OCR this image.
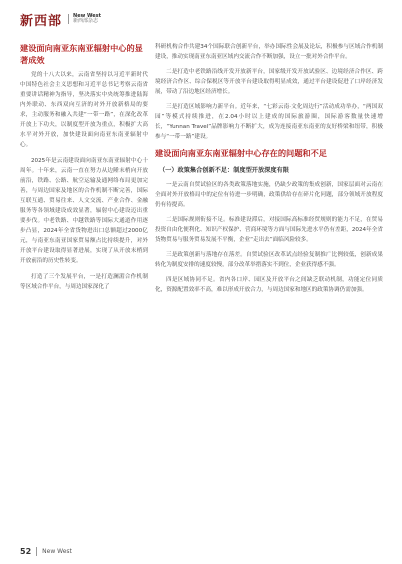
新西部 New West
新西部杂志
建设面向南亚东南亚辐射中心的显著成效

党的十八大以来，云南省坚持以习近平新时代中国特色社会主义思想和习近平总书记考察云南省重要讲话精神为指导，坚决落实中央统筹推进陆海内外联动、东西双向互济的对外开放新格局的要求，主动服务和融入共建“一带一路”，在深化改革开放上下功夫，以制度型开放为重点，积极扩大高水平对外开放，加快建设面向南亚东南亚辐射中心。

2025年是云南建设面向南亚东南亚辐射中心十周年。十年来，云南一直在努力从边陲末梢向开放前沿，铁路、公路、航空运输及通网络布局更加完善，与周边国家及地区的合作机制不断完善，国际互联互通、贸易往来、人文交流、产业合作、金融服务等各领域建设成效显著，辐射中心建设迈出重要步伐。中老铁路、中越铁路等国际大通道作用逐步凸显，2024年全省货物进出口总额超过2000亿元，与南亚东南亚国家贸易额占比持续提升，对外开放平台建设取得显著进展，实现了从开放末梢到开放前沿的历史性转变。

打造了三个发展平台，一是打造澜湄合作机制等区域合作平台，与周边国家深化了

科研机构合作共建34个国际联合创新平台，举办国际性会展及论坛，积极参与区域合作机制建设，推动实现南亚东南亚区域内交流合作不断加强，设立一批对外合作平台。

二是打造中老铁路沿线开发开放新平台，国家级开发开放试验区、边境经济合作区、跨境经济合作区、综合保税区等开放平台建设取得明显成效，通过平台建设促进了口岸经济发展，带动了沿边地区经济增长。

三是打造区域影响力新平台。近年来，“七彩云南·文化周边行”活动成功举办，“两国双园”等模式持续推进，在2.04小时以上建成的国际旅游圈，国际游客数量快速增长，“Yunnan Travel”品牌影响力不断扩大，成为连接南亚东南亚的友好桥梁和纽带，积极参与“一带一路”建设。

建设面向南亚东南亚辐射中心存在的问题和不足
（一）政策集合创新不足：制度型开放深度有限

一是云南自贸试验区的各类政策落地实施，仍缺少政策的集成创新，国家层面对云南在全面对外开放格局中的定位有待进一步明确，政策供给存在碎片化问题，部分领域开放程度仍有待提高。

二是国际规则衔接不足。标准建设滞后，对接国际高标准经贸规则的能力不足，在贸易投资自由化便利化、知识产权保护、营商环境等方面与国际先进水平仍有差距，2024年全省货物贸易与服务贸易发展不平衡，企业“走出去”面临风险较多。

三是政策创新与落地存在落差。自贸试验区改革试点经验复制推广比例较低，创新成果转化为制度安排的速度较慢，部分改革举措落实不到位，企业获得感不强。

四是区域协同不足。省内各口岸、园区及开放平台之间缺乏联动机制，功能定位同质化，资源配置效率不高，难以形成开放合力，与周边国家和地区的政策协调仍需加强。

52 New West
